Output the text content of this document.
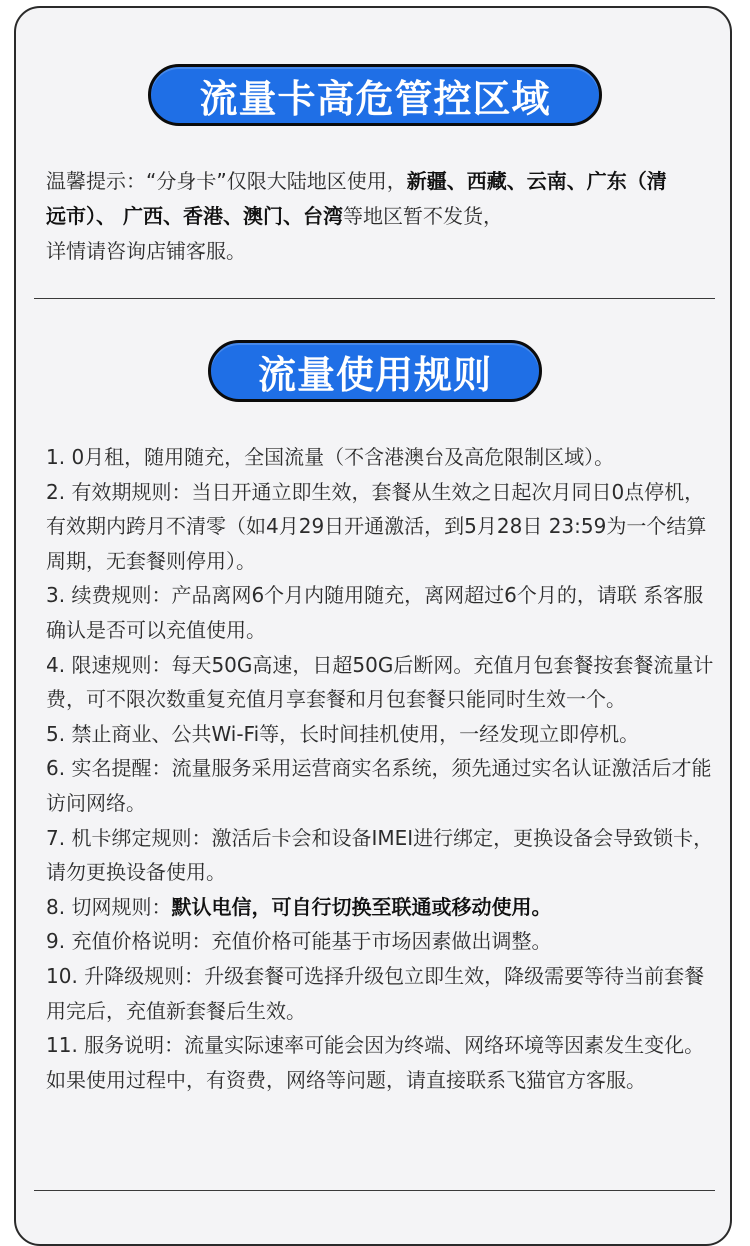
流量卡高危管控区域
温馨提示：“分身卡”仅限大陆地区使用，新疆、西藏、云南、广东（清远市）、 广西、香港、澳门、台湾等地区暂不发货，
详情请咨询店铺客服。
流量使用规则
1. 0月租，随用随充，全国流量（不含港澳台及高危限制区域）。
2. 有效期规则：当日开通立即生效，套餐从生效之日起次月同日0点停机，有效期内跨月不清零（如4月29日开通激活，到5月28日 23:59为一个结算周期，无套餐则停用）。
3. 续费规则：产品离网6个月内随用随充，离网超过6个月的，请联 系客服确认是否可以充值使用。
4. 限速规则：每天50G高速，日超50G后断网。充值月包套餐按套餐流量计费，可不限次数重复充值月享套餐和月包套餐只能同时生效一个。
5. 禁止商业、公共Wi-Fi等，长时间挂机使用，一经发现立即停机。
6. 实名提醒：流量服务采用运营商实名系统，须先通过实名认证激活后才能访问网络。
7. 机卡绑定规则：激活后卡会和设备IMEI进行绑定，更换设备会导致锁卡，请勿更换设备使用。
8. 切网规则：默认电信，可自行切换至联通或移动使用。
9. 充值价格说明：充值价格可能基于市场因素做出调整。
10. 升降级规则：升级套餐可选择升级包立即生效，降级需要等待当前套餐用完后，充值新套餐后生效。
11. 服务说明：流量实际速率可能会因为终端、网络环境等因素发生变化。如果使用过程中，有资费，网络等问题，请直接联系飞猫官方客服。
